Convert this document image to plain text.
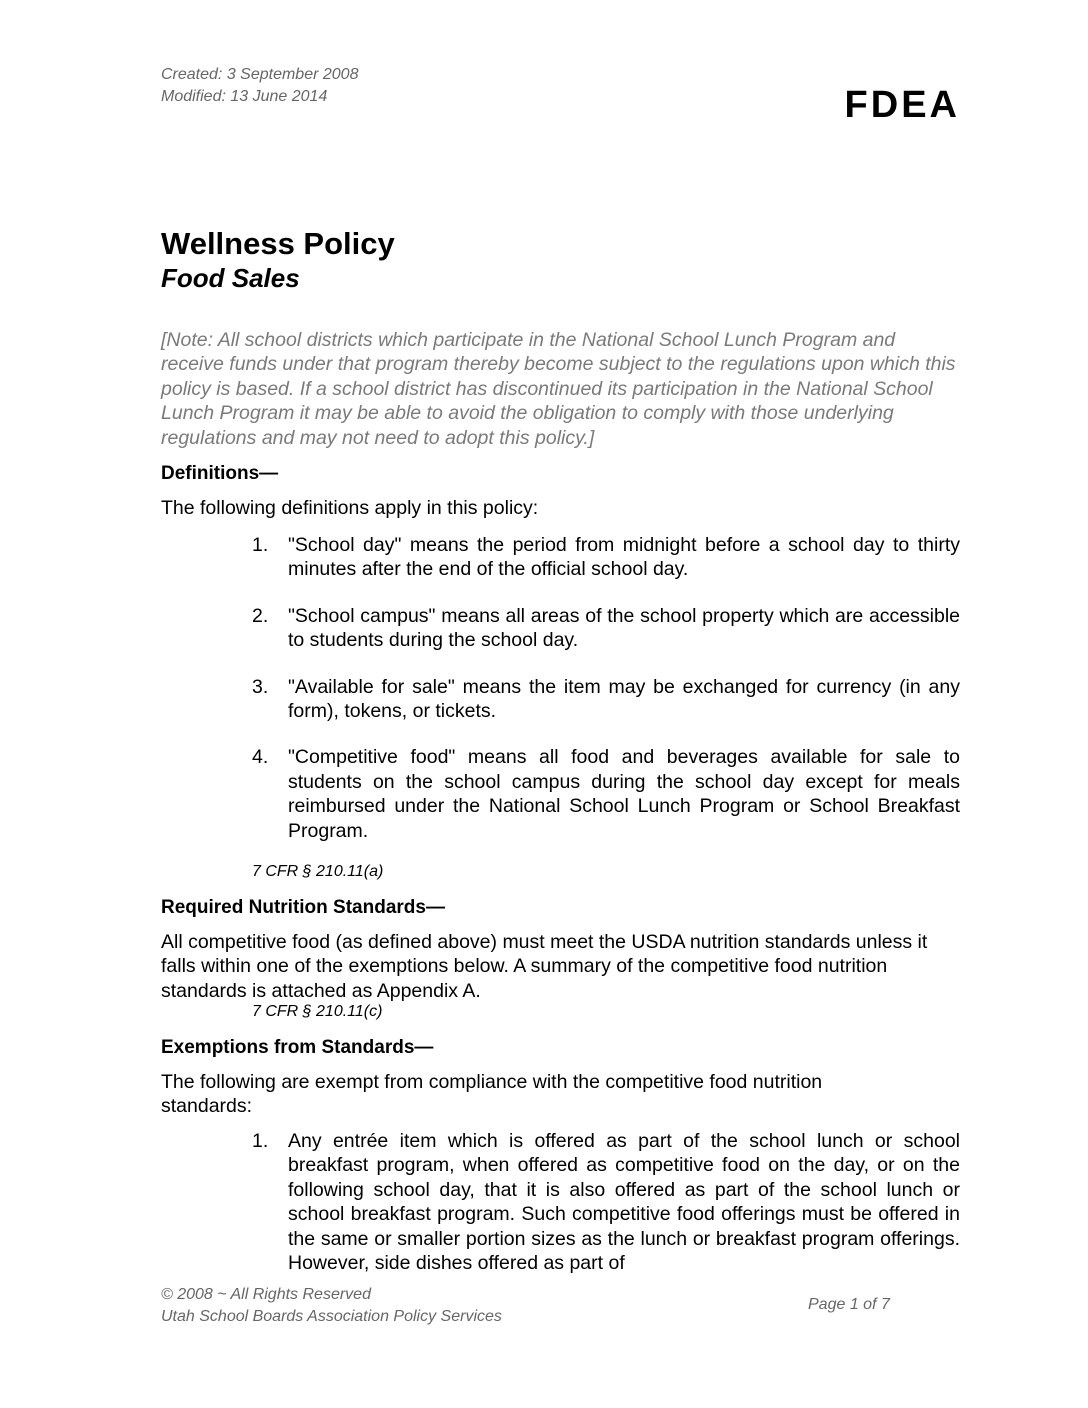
Created: 3 September 2008
Modified: 13 June 2014	FDEA
Wellness Policy
Food Sales
[Note: All school districts which participate in the National School Lunch Program and receive funds under that program thereby become subject to the regulations upon which this policy is based. If a school district has discontinued its participation in the National School Lunch Program it may be able to avoid the obligation to comply with those underlying regulations and may not need to adopt this policy.]
Definitions—
The following definitions apply in this policy:
1. "School day" means the period from midnight before a school day to thirty minutes after the end of the official school day.
2. "School campus" means all areas of the school property which are accessible to students during the school day.
3. "Available for sale" means the item may be exchanged for currency (in any form), tokens, or tickets.
4. "Competitive food" means all food and beverages available for sale to students on the school campus during the school day except for meals reimbursed under the National School Lunch Program or School Breakfast Program.
7 CFR § 210.11(a)
Required Nutrition Standards—
All competitive food (as defined above) must meet the USDA nutrition standards unless it falls within one of the exemptions below. A summary of the competitive food nutrition standards is attached as Appendix A.
7 CFR § 210.11(c)
Exemptions from Standards—
The following are exempt from compliance with the competitive food nutrition standards:
1. Any entrée item which is offered as part of the school lunch or school breakfast program, when offered as competitive food on the day, or on the following school day, that it is also offered as part of the school lunch or school breakfast program. Such competitive food offerings must be offered in the same or smaller portion sizes as the lunch or breakfast program offerings. However, side dishes offered as part of
© 2008 ~ All Rights Reserved
Utah School Boards Association Policy Services
Page 1 of 7
